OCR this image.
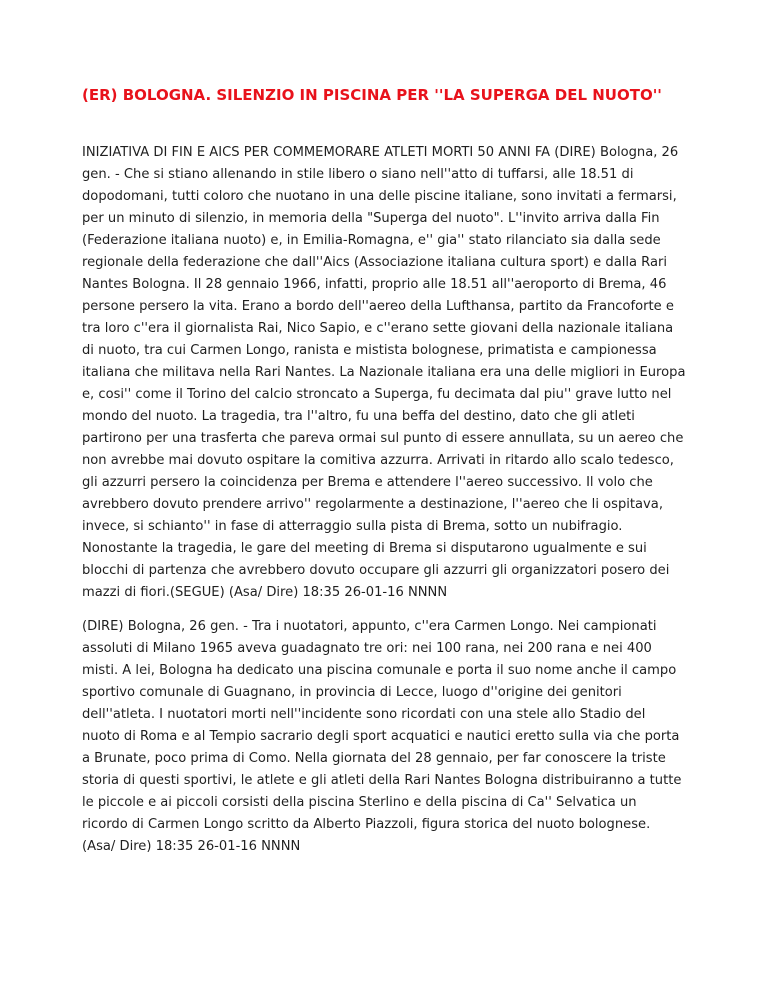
(ER) BOLOGNA. SILENZIO IN PISCINA PER ''LA SUPERGA DEL NUOTO''

INIZIATIVA DI FIN E AICS PER COMMEMORARE ATLETI MORTI 50 ANNI FA (DIRE) Bologna, 26 gen. - Che si stiano allenando in stile libero o siano nell''atto di tuffarsi, alle 18.51 di dopodomani, tutti coloro che nuotano in una delle piscine italiane, sono invitati a fermarsi, per un minuto di silenzio, in memoria della "Superga del nuoto". L''invito arriva dalla Fin (Federazione italiana nuoto) e, in Emilia-Romagna, e'' gia'' stato rilanciato sia dalla sede regionale della federazione che dall''Aics (Associazione italiana cultura sport) e dalla Rari Nantes Bologna. Il 28 gennaio 1966, infatti, proprio alle 18.51 all''aeroporto di Brema, 46 persone persero la vita. Erano a bordo dell''aereo della Lufthansa, partito da Francoforte e tra loro c''era il giornalista Rai, Nico Sapio, e c''erano sette giovani della nazionale italiana di nuoto, tra cui Carmen Longo, ranista e mistista bolognese, primatista e campionessa italiana che militava nella Rari Nantes. La Nazionale italiana era una delle migliori in Europa e, cosi'' come il Torino del calcio stroncato a Superga, fu decimata dal piu'' grave lutto nel mondo del nuoto. La tragedia, tra l''altro, fu una beffa del destino, dato che gli atleti partirono per una trasferta che pareva ormai sul punto di essere annullata, su un aereo che non avrebbe mai dovuto ospitare la comitiva azzurra. Arrivati in ritardo allo scalo tedesco, gli azzurri persero la coincidenza per Brema e attendere l''aereo successivo. Il volo che avrebbero dovuto prendere arrivo'' regolarmente a destinazione, l''aereo che li ospitava, invece, si schianto'' in fase di atterraggio sulla pista di Brema, sotto un nubifragio. Nonostante la tragedia, le gare del meeting di Brema si disputarono ugualmente e sui blocchi di partenza che avrebbero dovuto occupare gli azzurri gli organizzatori posero dei mazzi di fiori.(SEGUE) (Asa/ Dire) 18:35 26-01-16 NNNN

(DIRE) Bologna, 26 gen. - Tra i nuotatori, appunto, c''era Carmen Longo. Nei campionati assoluti di Milano 1965 aveva guadagnato tre ori: nei 100 rana, nei 200 rana e nei 400 misti. A lei, Bologna ha dedicato una piscina comunale e porta il suo nome anche il campo sportivo comunale di Guagnano, in provincia di Lecce, luogo d''origine dei genitori dell''atleta. I nuotatori morti nell''incidente sono ricordati con una stele allo Stadio del nuoto di Roma e al Tempio sacrario degli sport acquatici e nautici eretto sulla via che porta a Brunate, poco prima di Como. Nella giornata del 28 gennaio, per far conoscere la triste storia di questi sportivi, le atlete e gli atleti della Rari Nantes Bologna distribuiranno a tutte le piccole e ai piccoli corsisti della piscina Sterlino e della piscina di Ca'' Selvatica un ricordo di Carmen Longo scritto da Alberto Piazzoli, figura storica del nuoto bolognese. (Asa/ Dire) 18:35 26-01-16 NNNN
